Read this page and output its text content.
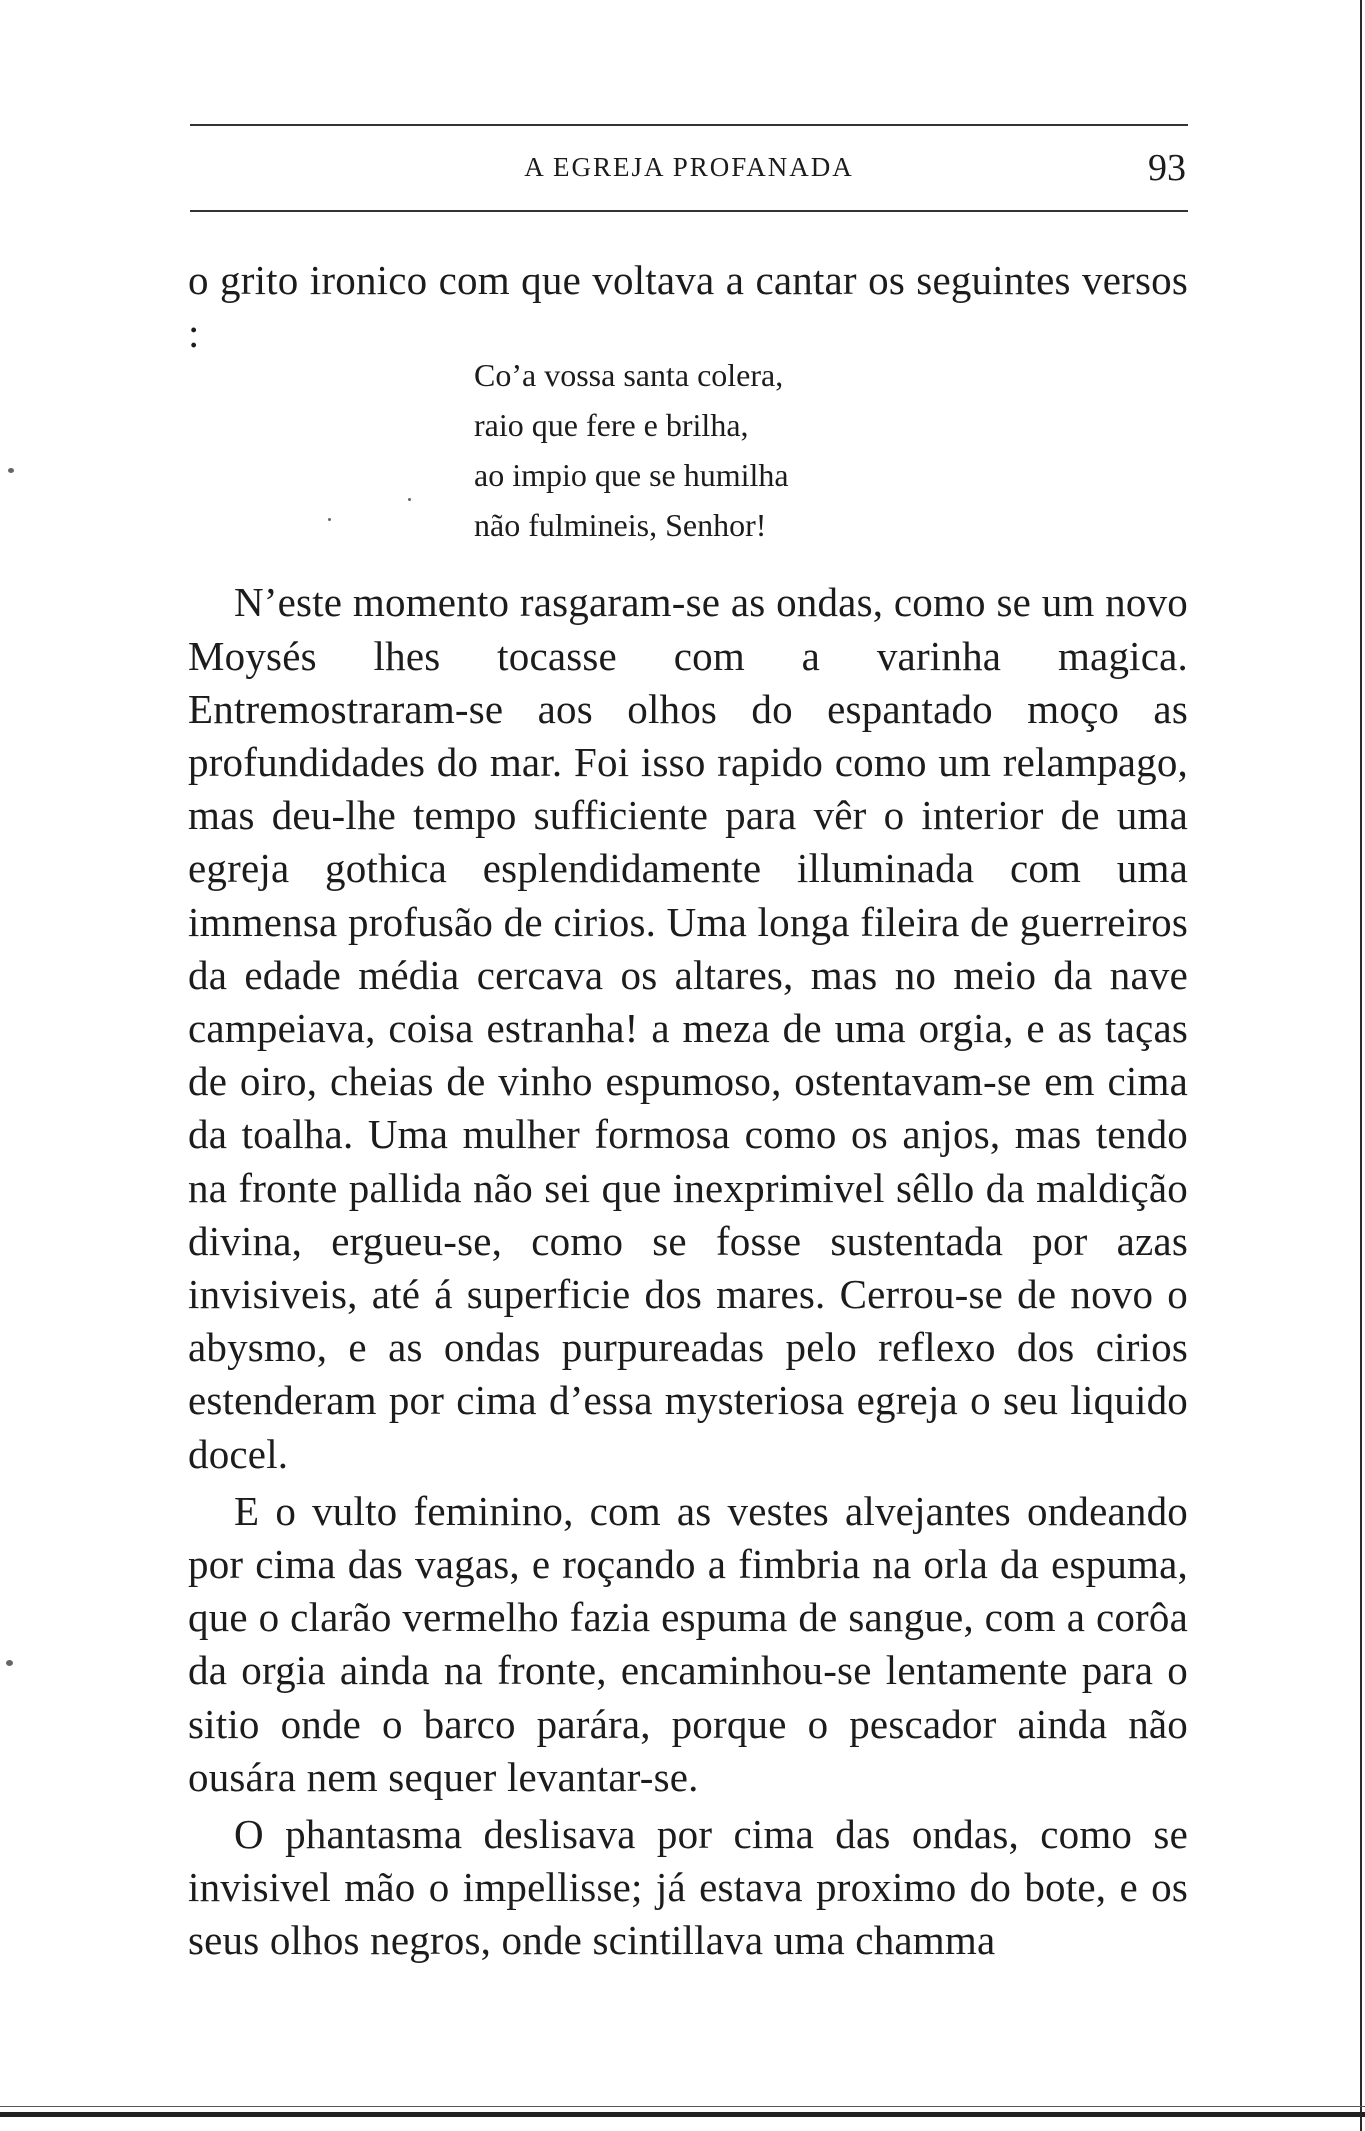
A EGREJA PROFANADA	93

o grito ironico com que voltava a cantar os seguintes versos :

N’este momento rasgaram-se as ondas, como se um novo Moysés lhes tocasse com a varinha magica. Entremostraram-se aos olhos do espantado moço as profundidades do mar. Foi isso rapido como um relampago, mas deu-lhe tempo sufficiente para vêr o interior de uma egreja gothica esplendidamente illuminada com uma immensa profusão de cirios. Uma longa fileira de guerreiros da edade média cercava os altares, mas no meio da nave campeiava, coisa estranha! a meza de uma orgia, e as taças de oiro, cheias de vinho espumoso, ostentavam-se em cima da toalha. Uma mulher formosa como os anjos, mas tendo na fronte pallida não sei que inexprimivel sêllo da maldição divina, ergueu-se, como se fosse sustentada por azas invisiveis, até á superficie dos mares. Cerrou-se de novo o abysmo, e as ondas purpureadas pelo reflexo dos cirios estenderam por cima d’essa mysteriosa egreja o seu liquido docel.

E o vulto feminino, com as vestes alvejantes ondeando por cima das vagas, e roçando a fimbria na orla da espuma, que o clarão vermelho fazia espuma de sangue, com a corôa da orgia ainda na fronte, encaminhou-se lentamente para o sitio onde o barco parára, porque o pescador ainda não ousára nem sequer levantar-se.

O phantasma deslisava por cima das ondas, como se invisivel mão o impellisse; já estava proximo do bote, e os seus olhos negros, onde scintillava uma chamma

Co’a vossa santa colera,
raio que fere e brilha,
ao impio que se humilha
não fulmineis, Senhor!
